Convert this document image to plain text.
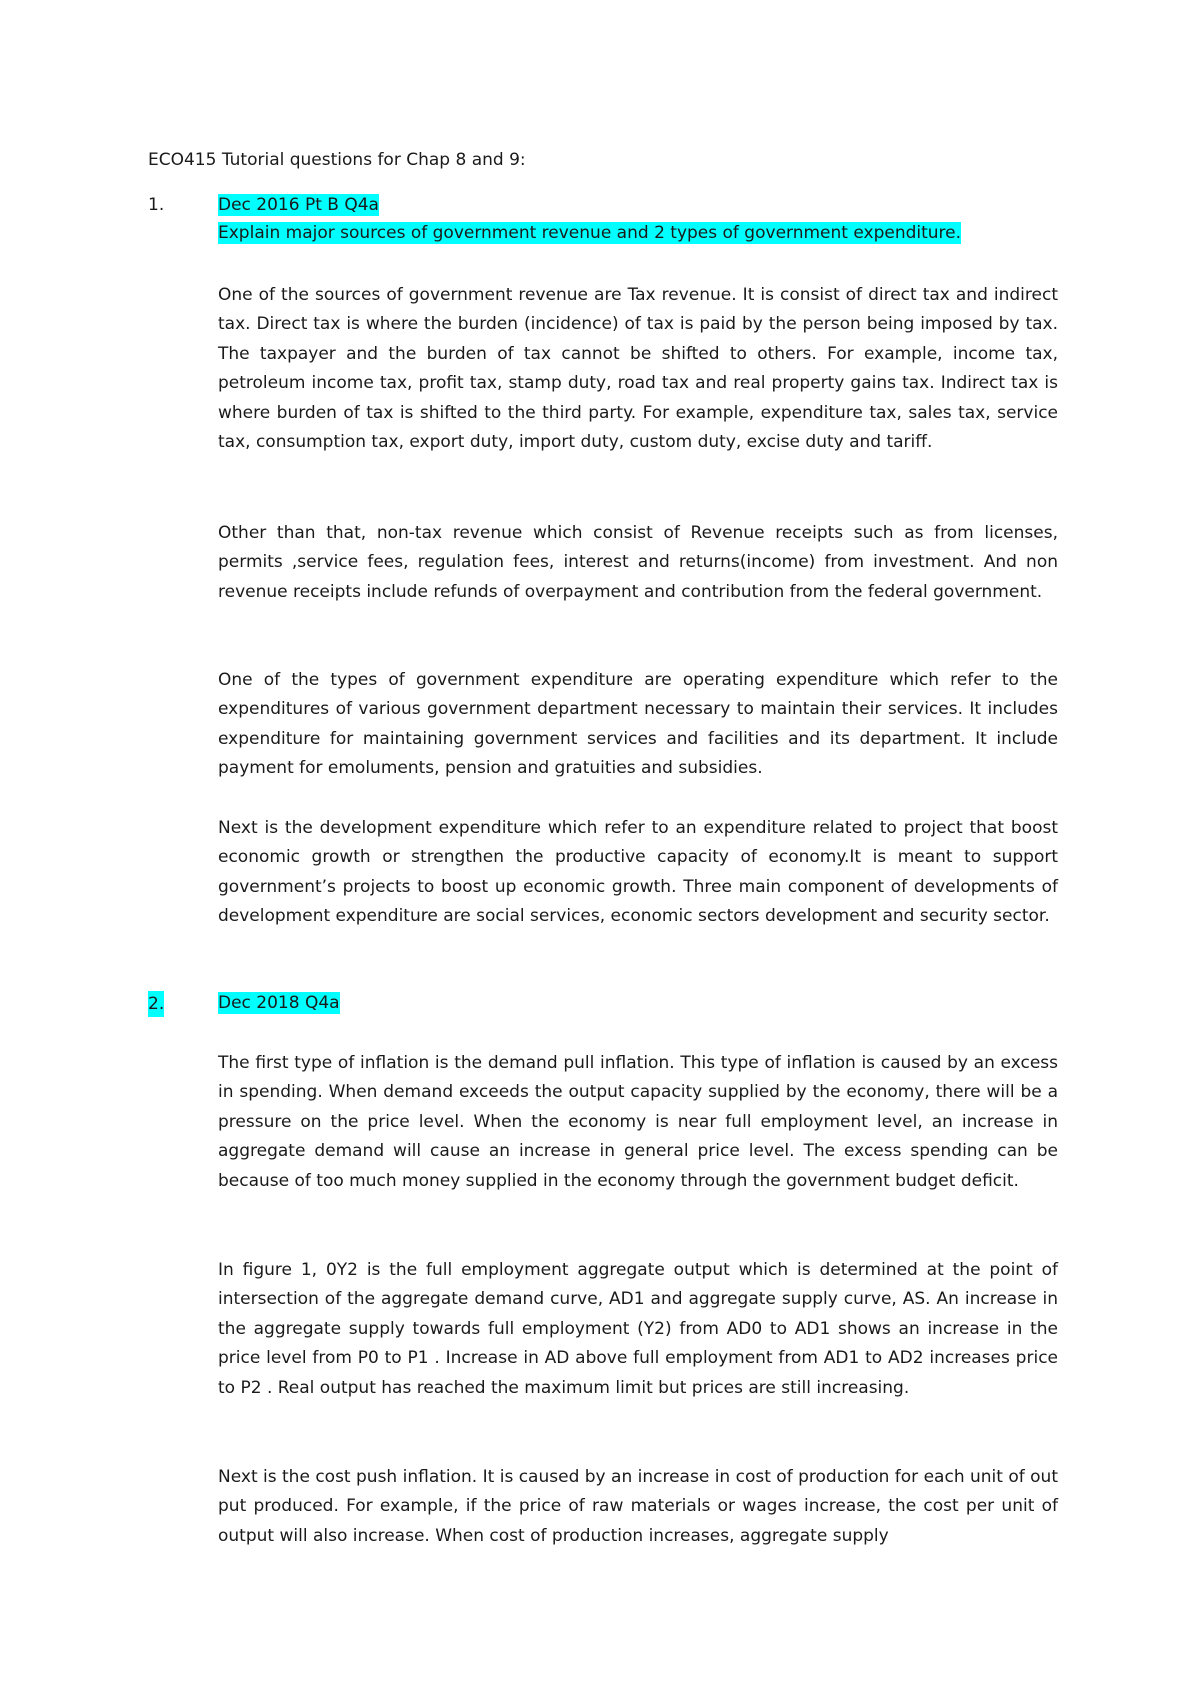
ECO415 Tutorial questions for Chap 8 and 9:
1.	Dec 2016 Pt B Q4a
Explain major sources of government revenue and 2 types of government expenditure.

One of the sources of government revenue are Tax revenue. It is consist of direct tax and indirect tax. Direct tax is where the burden (incidence) of tax is paid by the person being imposed by tax. The taxpayer and the burden of tax cannot be shifted to others. For example, income tax, petroleum income tax, profit tax, stamp duty, road tax and real property gains tax. Indirect tax is where burden of tax is shifted to the third party. For example, expenditure tax, sales tax, service tax, consumption tax, export duty, import duty, custom duty, excise duty and tariff.

Other than that, non-tax revenue which consist of Revenue receipts such as from licenses, permits ,service fees, regulation fees, interest and returns(income) from investment. And non revenue receipts include refunds of overpayment and contribution from the federal government.

One of the types of government expenditure are operating expenditure which refer to the expenditures of various government department necessary to maintain their services. It includes expenditure for maintaining government services and facilities and its department. It include payment for emoluments, pension and gratuities and subsidies.

Next is the development expenditure which refer to an expenditure related to project that boost economic growth or strengthen the productive capacity of economy.It is meant to support government’s projects to boost up economic growth. Three main component of developments of development expenditure are social services, economic sectors development and security sector.

2.	Dec 2018 Q4a

The first type of inflation is the demand pull inflation. This type of inflation is caused by an excess in spending. When demand exceeds the output capacity supplied by the economy, there will be a pressure on the price level. When the economy is near full employment level, an increase in aggregate demand will cause an increase in general price level. The excess spending can be because of too much money supplied in the economy through the government budget deficit.

In figure 1, 0Y2 is the full employment aggregate output which is determined at the point of intersection of the aggregate demand curve, AD1 and aggregate supply curve, AS. An increase in the aggregate supply towards full employment (Y2) from AD0 to AD1 shows an increase in the price level from P0 to P1 . Increase in AD above full employment from AD1 to AD2 increases price to P2 . Real output has reached the maximum limit but prices are still increasing.

Next is the cost push inflation. It is caused by an increase in cost of production for each unit of out put produced. For example, if the price of raw materials or wages increase, the cost per unit of output will also increase. When cost of production increases, aggregate supply
